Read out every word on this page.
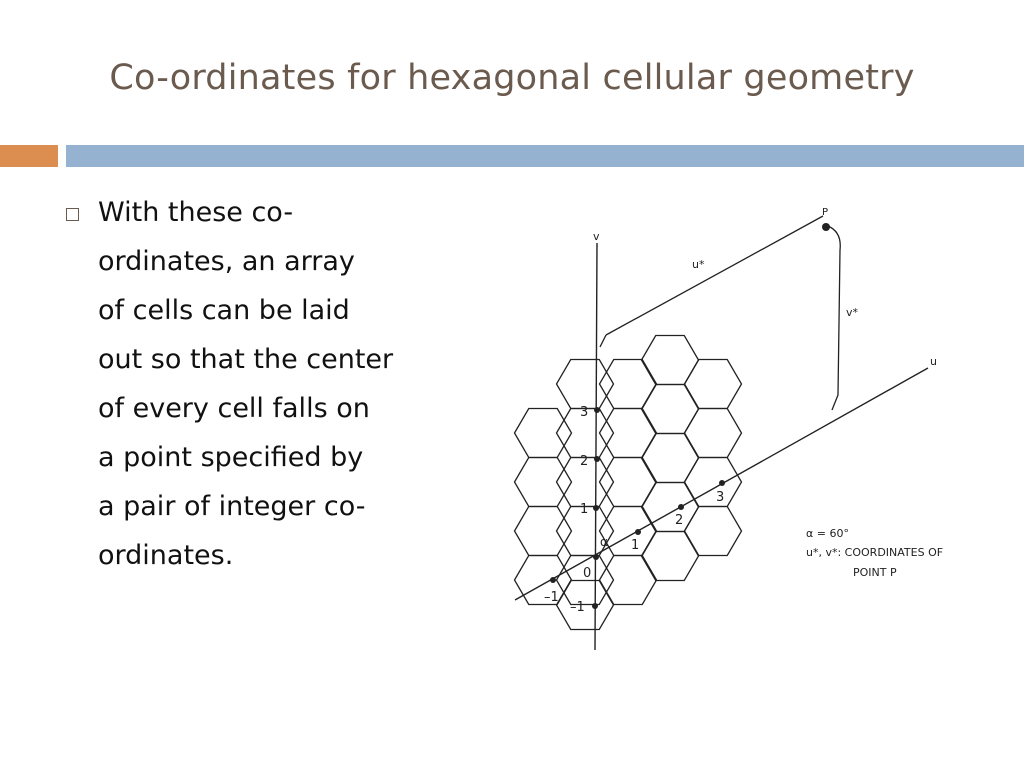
Co-ordinates for hexagonal cellular geometry
With these co-
ordinates, an array
of cells can be laid
out so that the center
of every cell falls on
a point specified by
a pair of integer co-
ordinates.
P
v
u
u*
v*
α
3
2
1
0
–1
–1
1
2
3
α = 60°
u*, v*: COORDINATES OF
POINT P
